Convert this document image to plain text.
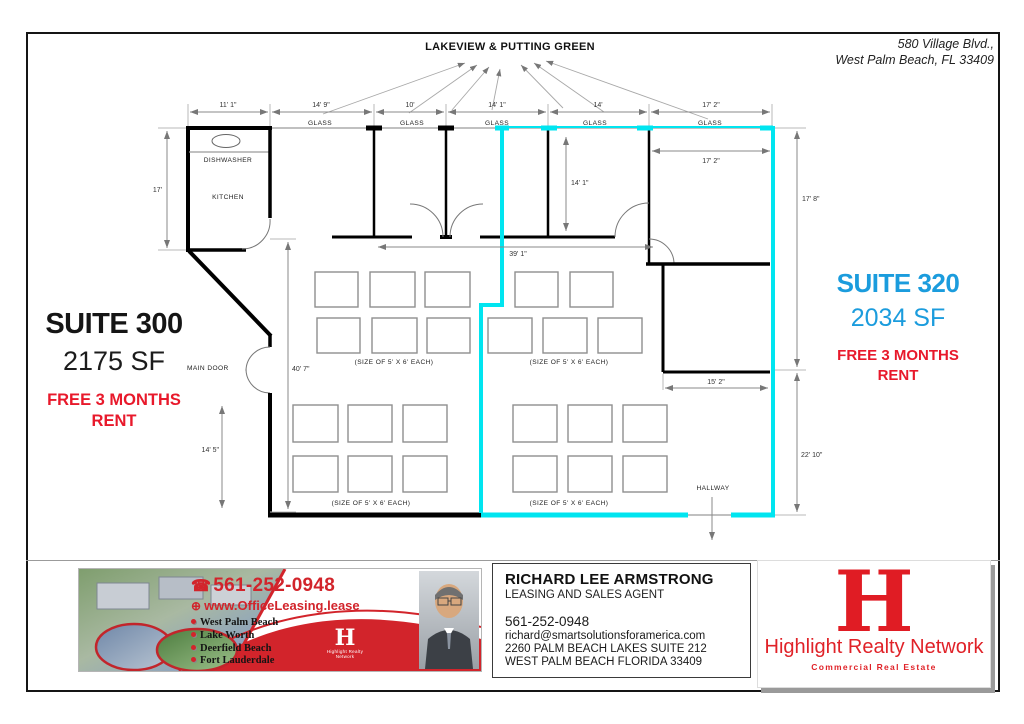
LAKEVIEW & PUTTING GREEN
11' 1"	14' 9"	10'	14' 1"	14'	17' 2"
GLASS	GLASS	GLASS	GLASS	GLASS
17'
40' 7"
14' 5"
39' 1"
14' 1"
17' 2"
15' 2"
17' 8"
22' 10"
DISHWASHER
KITCHEN
MAIN DOOR
HALLWAY
(SIZE OF 5' X 6' EACH)	(SIZE OF 5' X 6' EACH)
(SIZE OF 5' X 6' EACH)	(SIZE OF 5' X 6' EACH)
580 Village Blvd.,
West Palm Beach, FL 33409
SUITE 300
2175 SF
FREE 3 MONTHS
RENT
SUITE 320
2034 SF
FREE 3 MONTHS
RENT
☎ 561-252-0948
⊕ www.OfficeLeasing.lease
West Palm Beach
Lake Worth
Deerfield Beach
Fort Lauderdale
H
Highlight Realty Network
RICHARD LEE ARMSTRONG
LEASING AND SALES AGENT
561-252-0948
richard@smartsolutionsforamerica.com
2260 PALM BEACH LAKES SUITE 212
WEST PALM BEACH FLORIDA 33409
H
Highlight Realty Network
Commercial Real Estate
